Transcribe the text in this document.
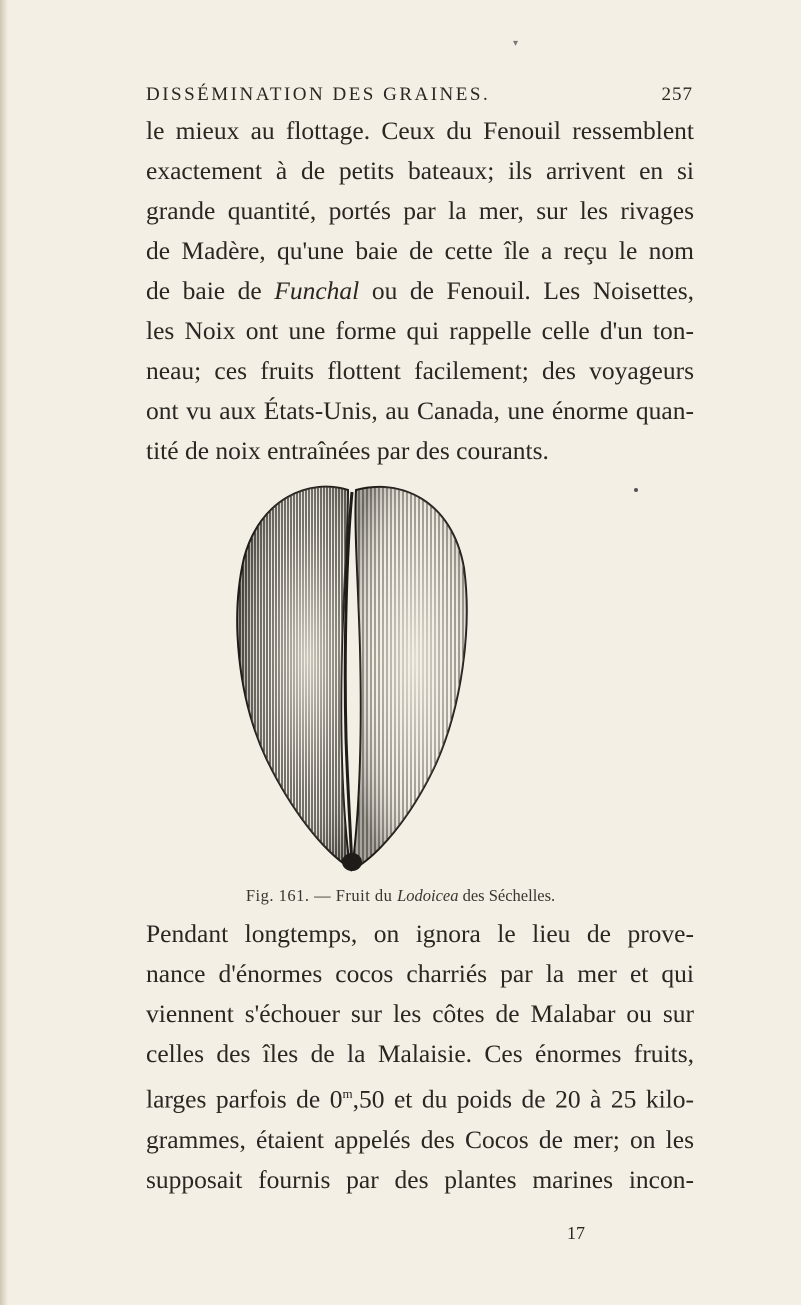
▾
DISSÉMINATION DES GRAINES.	257
le mieux au flottage. Ceux du Fenouil ressemblent
exactement à de petits bateaux; ils arrivent en si
grande quantité, portés par la mer, sur les rivages
de Madère, qu'une baie de cette île a reçu le nom
de baie de Funchal ou de Fenouil. Les Noisettes,
les Noix ont une forme qui rappelle celle d'un ton-
neau; ces fruits flottent facilement; des voyageurs
ont vu aux États-Unis, au Canada, une énorme quan-
tité de noix entraînées par des courants.
Fig. 161. — Fruit du Lodoicea des Séchelles.
Pendant longtemps, on ignora le lieu de prove-
nance d'énormes cocos charriés par la mer et qui
viennent s'échouer sur les côtes de Malabar ou sur
celles des îles de la Malaisie. Ces énormes fruits,
larges parfois de 0$^m$,50 et du poids de 20 à 25 kilo-
grammes, étaient appelés des Cocos de mer; on les
supposait fournis par des plantes marines incon-
17
